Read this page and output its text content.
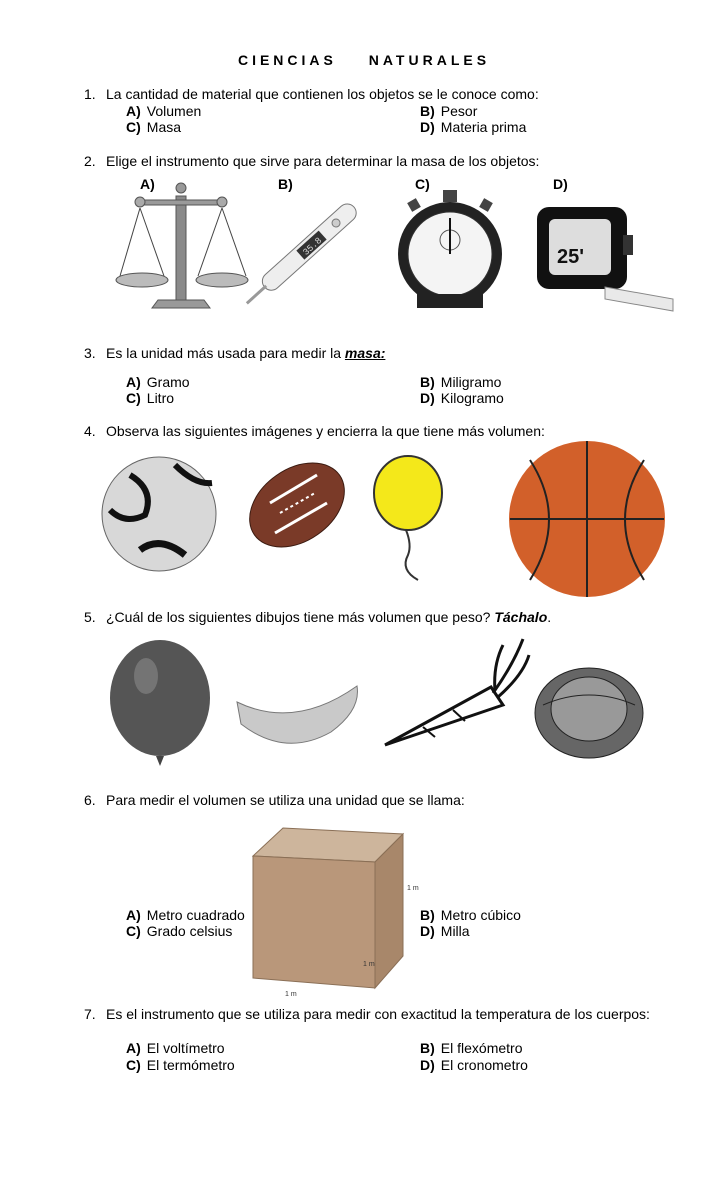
CIENCIAS NATURALES
1. La cantidad de material que contienen los objetos se le conoce como:
A) Volumen	B) Pesor
C) Masa	D) Materia prima
2. Elige el instrumento que sirve para determinar la masa de los objetos:
A)	B)	C)	D)
35.8	25'
3. Es la unidad más usada para medir la masa:
A) Gramo	B) Miligramo
C) Litro	D) Kilogramo
4. Observa las siguientes imágenes y encierra la que tiene más volumen:
5. ¿Cuál de los siguientes dibujos tiene más volumen que peso? Táchalo.
6. Para medir el volumen se utiliza una unidad que se llama:
1 m
1 m
1 m
A) Metro cuadrado	B) Metro cúbico
C) Grado celsius	D) Milla
7. Es el instrumento que se utiliza para medir con exactitud la temperatura de los cuerpos:
A) El voltímetro	B) El flexómetro
C) El termómetro	D) El cronometro
